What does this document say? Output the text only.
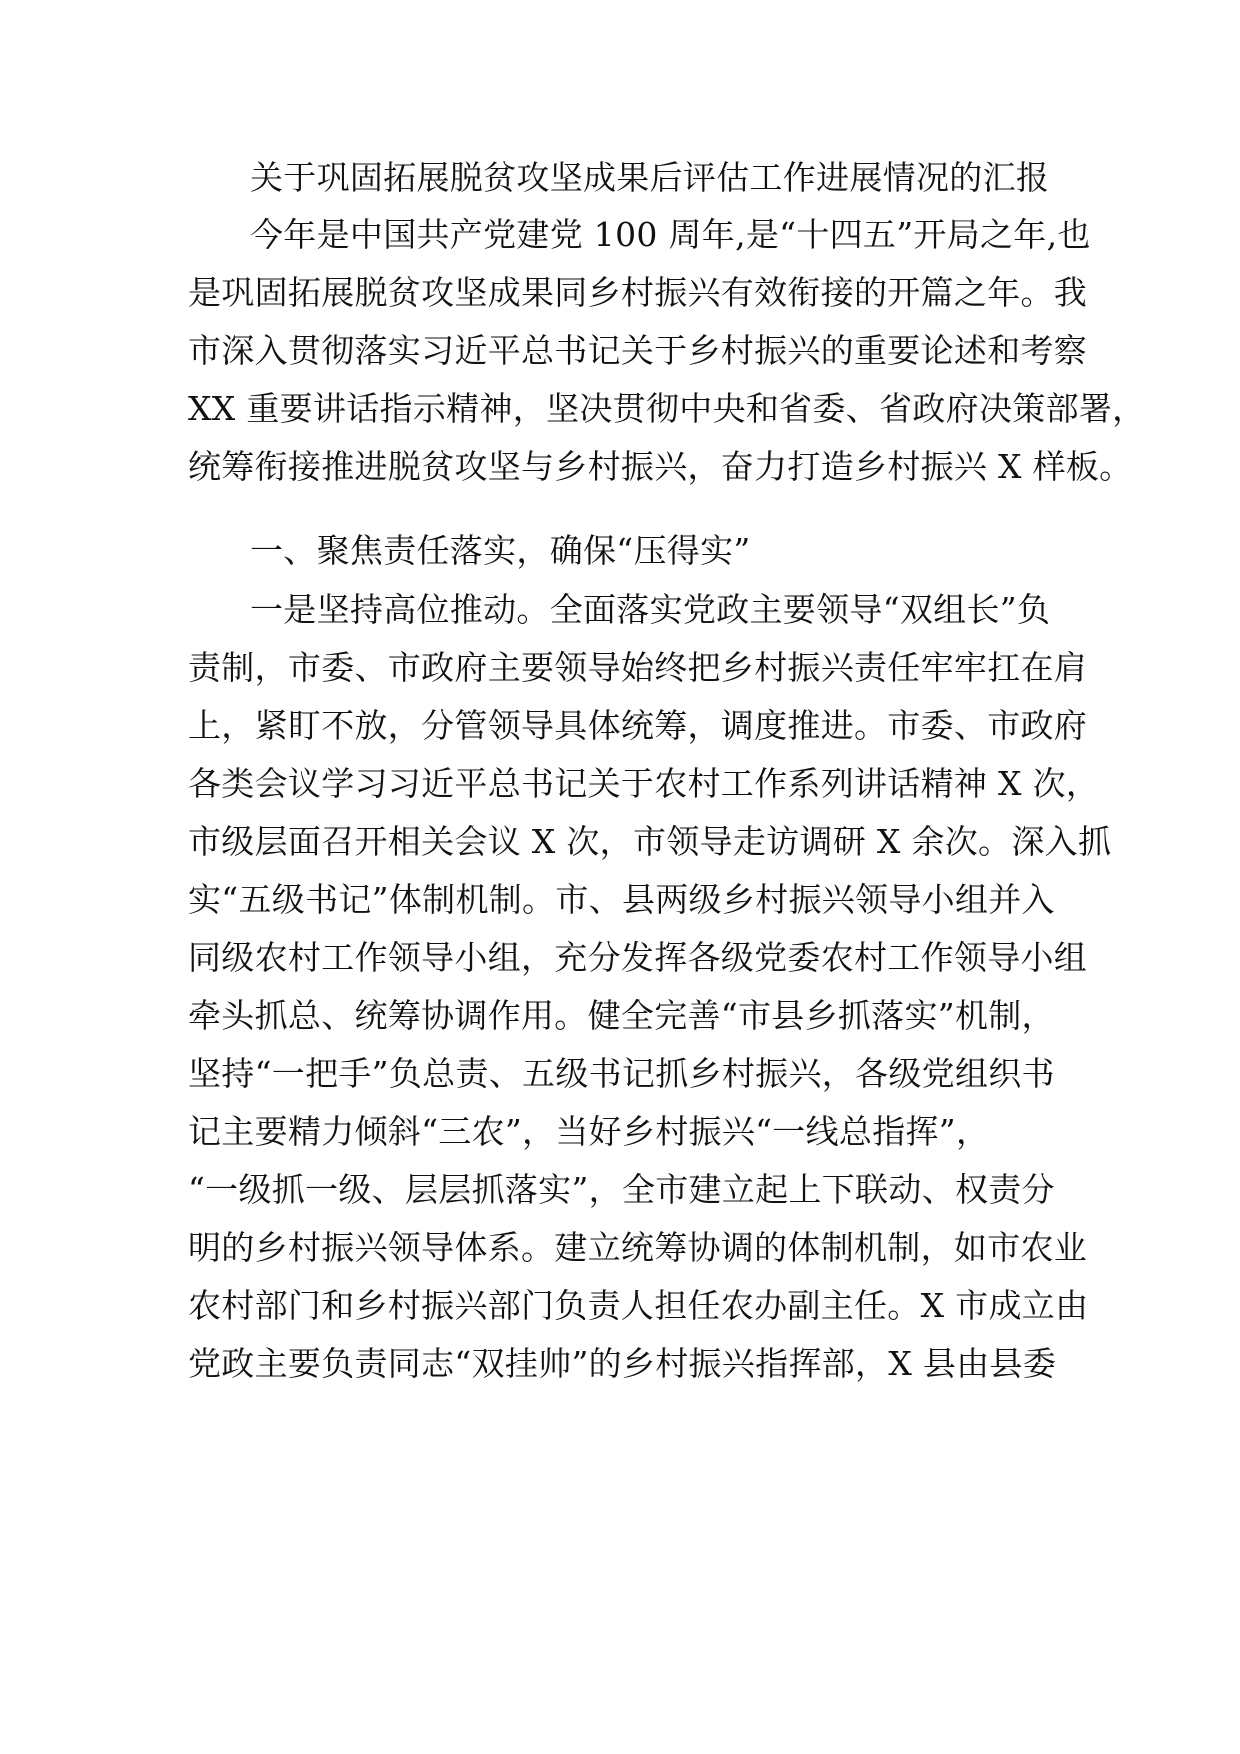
关于巩固拓展脱贫攻坚成果后评估工作进展情况的汇报
今年是中国共产党建党 100 周年,是“十四五”开局之年,也
是巩固拓展脱贫攻坚成果同乡村振兴有效衔接的开篇之年。我
市深入贯彻落实习近平总书记关于乡村振兴的重要论述和考察
XX 重要讲话指示精神，坚决贯彻中央和省委、省政府决策部署，
统筹衔接推进脱贫攻坚与乡村振兴，奋力打造乡村振兴 X 样板。
一、聚焦责任落实，确保“压得实”
一是坚持高位推动。全面落实党政主要领导“双组长”负
责制，市委、市政府主要领导始终把乡村振兴责任牢牢扛在肩
上，紧盯不放，分管领导具体统筹，调度推进。市委、市政府
各类会议学习习近平总书记关于农村工作系列讲话精神 X 次，
市级层面召开相关会议 X 次，市领导走访调研 X 余次。深入抓
实“五级书记”体制机制。市、县两级乡村振兴领导小组并入
同级农村工作领导小组，充分发挥各级党委农村工作领导小组
牵头抓总、统筹协调作用。健全完善“市县乡抓落实”机制，
坚持“一把手”负总责、五级书记抓乡村振兴，各级党组织书
记主要精力倾斜“三农”，当好乡村振兴“一线总指挥”，
“一级抓一级、层层抓落实”，全市建立起上下联动、权责分
明的乡村振兴领导体系。建立统筹协调的体制机制，如市农业
农村部门和乡村振兴部门负责人担任农办副主任。X 市成立由
党政主要负责同志“双挂帅”的乡村振兴指挥部，X 县由县委
